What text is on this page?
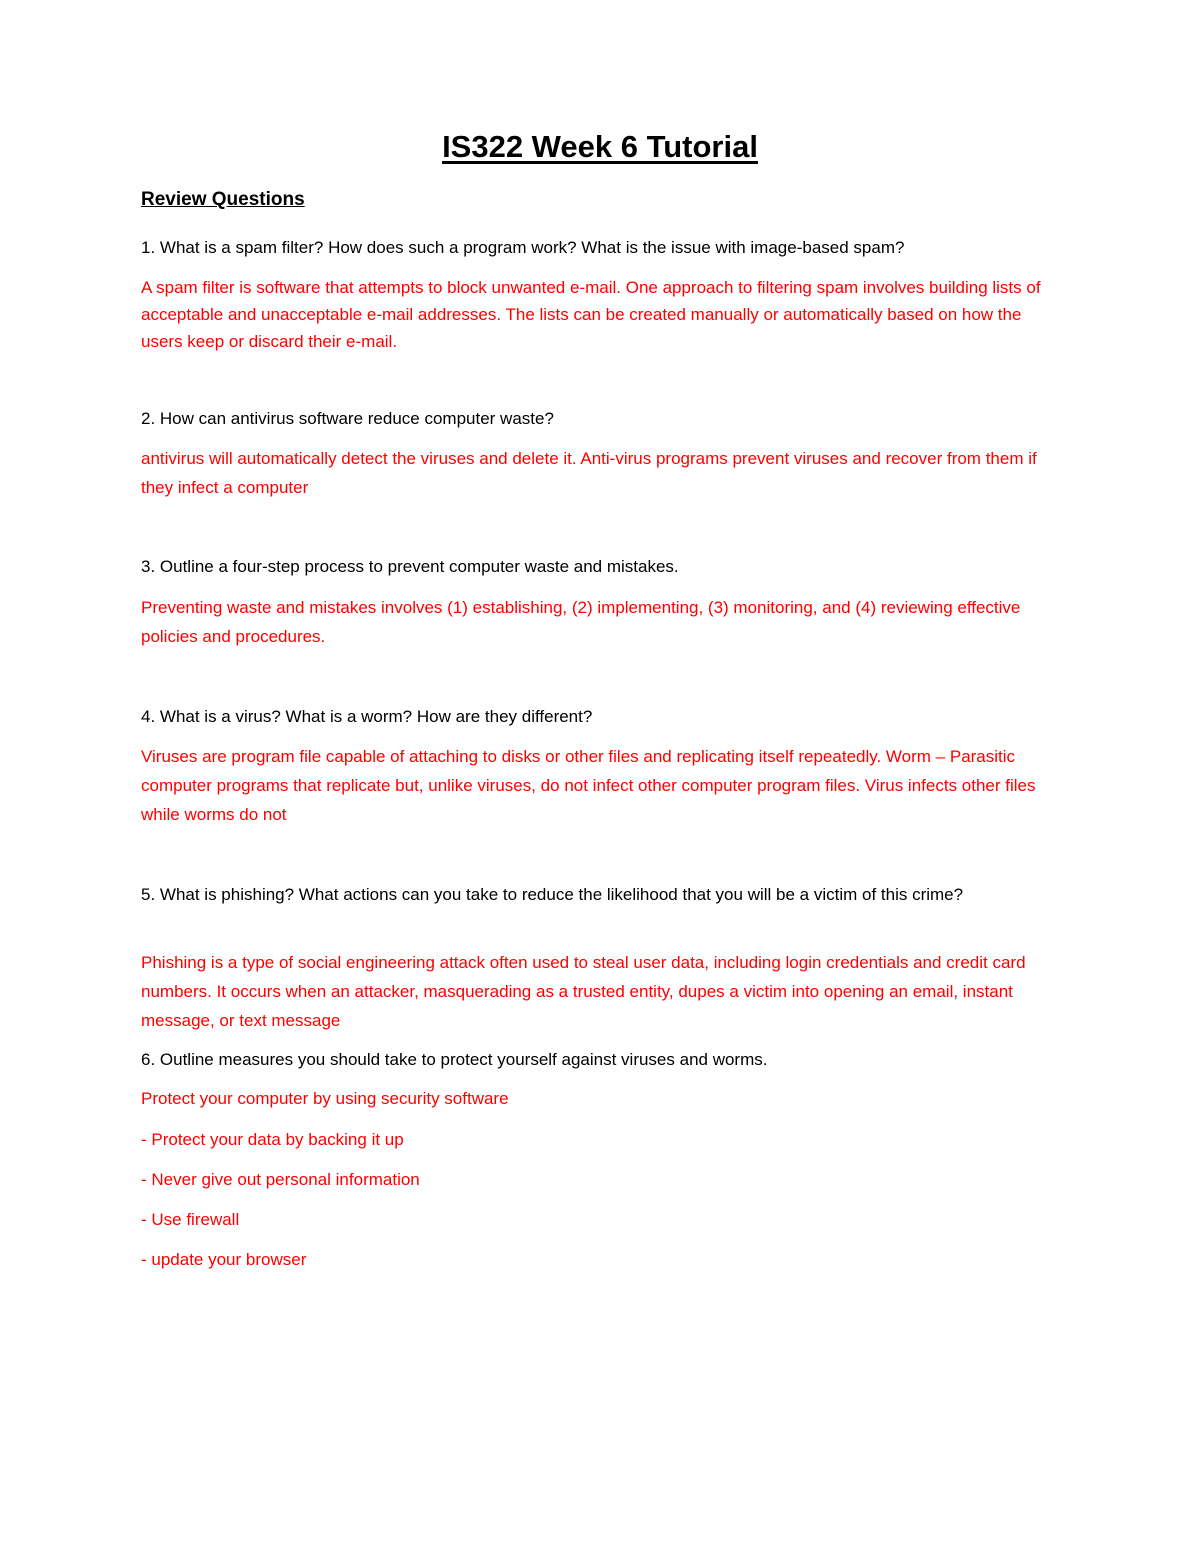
IS322 Week 6 Tutorial
Review Questions
1. What is a spam filter? How does such a program work? What is the issue with image-based spam?
A spam filter is software that attempts to block unwanted e-mail. One approach to filtering spam involves building lists of acceptable and unacceptable e-mail addresses. The lists can be created manually or automatically based on how the users keep or discard their e-mail.
2. How can antivirus software reduce computer waste?
antivirus will automatically detect the viruses and delete it. Anti-virus programs prevent viruses and recover from them if they infect a computer
3. Outline a four-step process to prevent computer waste and mistakes.
Preventing waste and mistakes involves (1) establishing, (2) implementing, (3) monitoring, and (4) reviewing effective policies and procedures.
4. What is a virus? What is a worm? How are they different?
Viruses are program file capable of attaching to disks or other files and replicating itself repeatedly. Worm – Parasitic computer programs that replicate but, unlike viruses, do not infect other computer program files. Virus infects other files while worms do not
5. What is phishing? What actions can you take to reduce the likelihood that you will be a victim of this crime?
Phishing is a type of social engineering attack often used to steal user data, including login credentials and credit card numbers. It occurs when an attacker, masquerading as a trusted entity, dupes a victim into opening an email, instant message, or text message
6. Outline measures you should take to protect yourself against viruses and worms.
Protect your computer by using security software
- Protect your data by backing it up
- Never give out personal information
- Use firewall
- update your browser
